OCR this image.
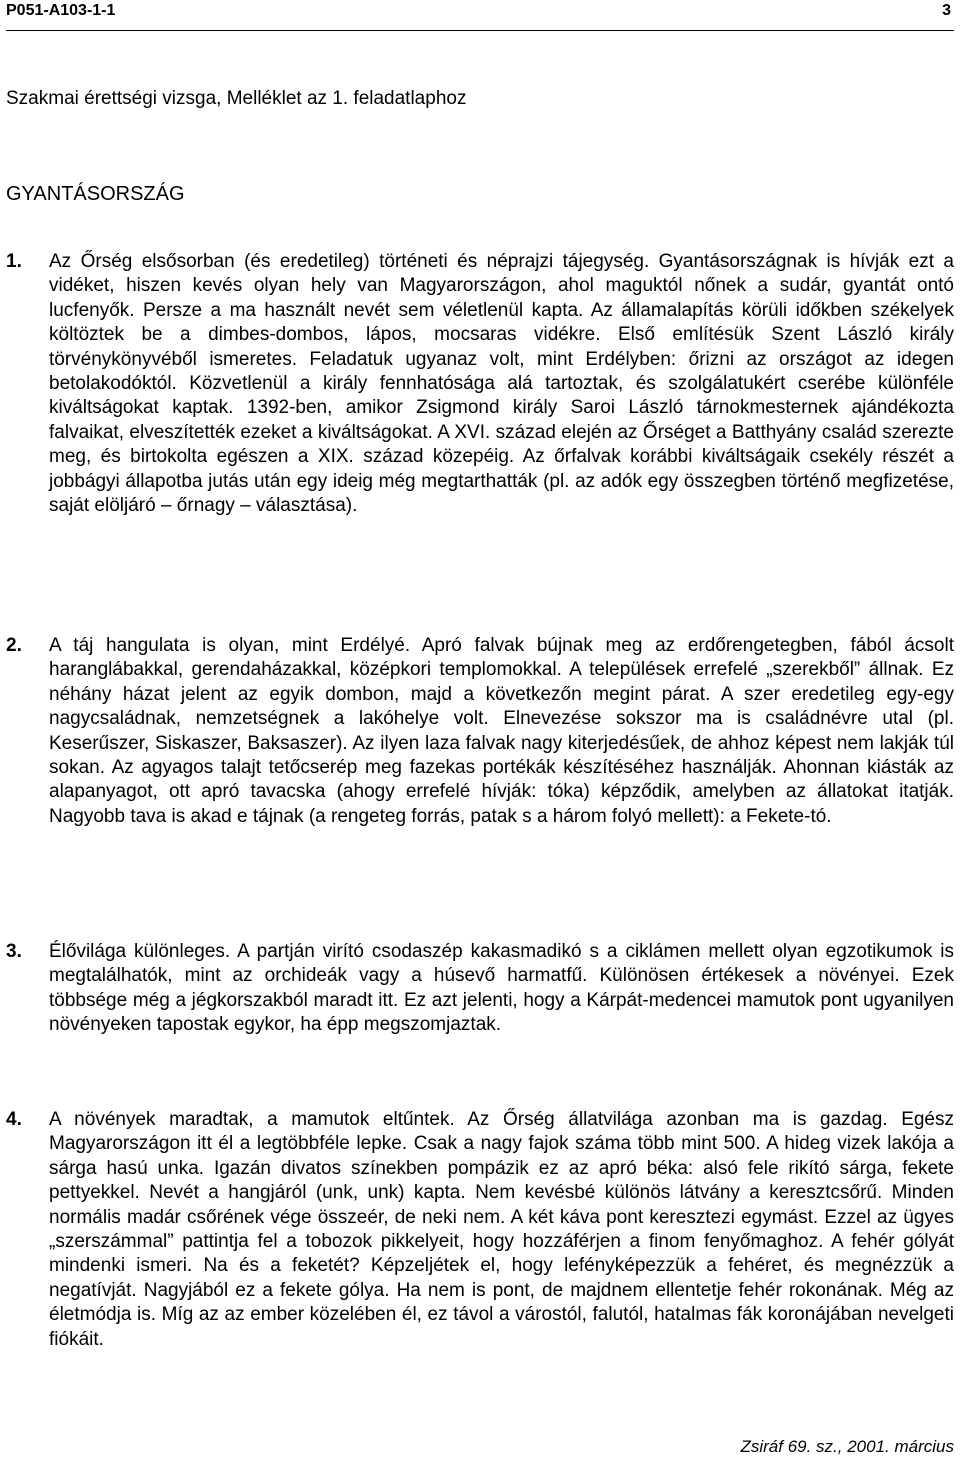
P051-A103-1-1	3
Szakmai érettségi vizsga, Melléklet az 1. feladatlaphoz
GYANTÁSORSZÁG
1. Az Őrség elsősorban (és eredetileg) történeti és néprajzi tájegység. Gyantásországnak is hívják ezt a vidéket, hiszen kevés olyan hely van Magyarországon, ahol maguktól nőnek a sudár, gyantát ontó lucfenyők. Persze a ma használt nevét sem véletlenül kapta. Az államalapítás körüli időkben székelyek költöztek be a dimbes-dombos, lápos, mocsaras vidékre. Első említésük Szent László király törvénykönyvéből ismeretes. Feladatuk ugyanaz volt, mint Erdélyben: őrizni az országot az idegen betolakodóktól. Közvetlenül a király fennhatósága alá tartoztak, és szolgálatukért cserébe különféle kiváltságokat kaptak. 1392-ben, amikor Zsigmond király Saroi László tárnokmesternek ajándékozta falvaikat, elveszítették ezeket a kiváltságokat. A XVI. század elején az Őrséget a Batthyány család szerezte meg, és birtokolta egészen a XIX. század közepéig. Az őrfalvak korábbi kiváltságaik csekély részét a jobbágyi állapotba jutás után egy ideig még megtarthatták (pl. az adók egy összegben történő megfizetése, saját elöljáró – őrnagy – választása).
2. A táj hangulata is olyan, mint Erdélyé. Apró falvak bújnak meg az erdőrengetegben, fából ácsolt haranglábakkal, gerendaházakkal, középkori templomokkal. A települések errefelé „szerekből” állnak. Ez néhány házat jelent az egyik dombon, majd a következőn megint párat. A szer eredetileg egy-egy nagycsaládnak, nemzetségnek a lakóhelye volt. Elnevezése sokszor ma is családnévre utal (pl. Keserűszer, Siskaszer, Baksaszer). Az ilyen laza falvak nagy kiterjedésűek, de ahhoz képest nem lakják túl sokan. Az agyagos talajt tetőcserép meg fazekas portékák készítéséhez használják. Ahonnan kiásták az alapanyagot, ott apró tavacska (ahogy errefelé hívják: tóka) képződik, amelyben az állatokat itatják. Nagyobb tava is akad e tájnak (a rengeteg forrás, patak s a három folyó mellett): a Fekete-tó.
3. Élővilága különleges. A partján virító csodaszép kakasmadikó s a ciklámen mellett olyan egzotikumok is megtalálhatók, mint az orchideák vagy a húsevő harmatfű. Különösen értékesek a növényei. Ezek többsége még a jégkorszakból maradt itt. Ez azt jelenti, hogy a Kárpát-medencei mamutok pont ugyanilyen növényeken tapostak egykor, ha épp megszomjaztak.
4. A növények maradtak, a mamutok eltűntek. Az Őrség állatvilága azonban ma is gazdag. Egész Magyarországon itt él a legtöbbféle lepke. Csak a nagy fajok száma több mint 500. A hideg vizek lakója a sárga hasú unka. Igazán divatos színekben pompázik ez az apró béka: alsó fele rikító sárga, fekete pettyekkel. Nevét a hangjáról (unk, unk) kapta. Nem kevésbé különös látvány a keresztcsőrű. Minden normális madár csőrének vége összeér, de neki nem. A két káva pont keresztezi egymást. Ezzel az ügyes „szerszámmal” pattintja fel a tobozok pikkelyeit, hogy hozzáférjen a finom fenyőmaghoz. A fehér gólyát mindenki ismeri. Na és a feketét? Képzeljétek el, hogy lefényképezzük a fehéret, és megnézzük a negatívját. Nagyjából ez a fekete gólya. Ha nem is pont, de majdnem ellentetje fehér rokonának. Még az életmódja is. Míg az az ember közelében él, ez távol a várostól, falutól, hatalmas fák koronájában nevelgeti fiókáit.
Zsiráf 69. sz., 2001. március
